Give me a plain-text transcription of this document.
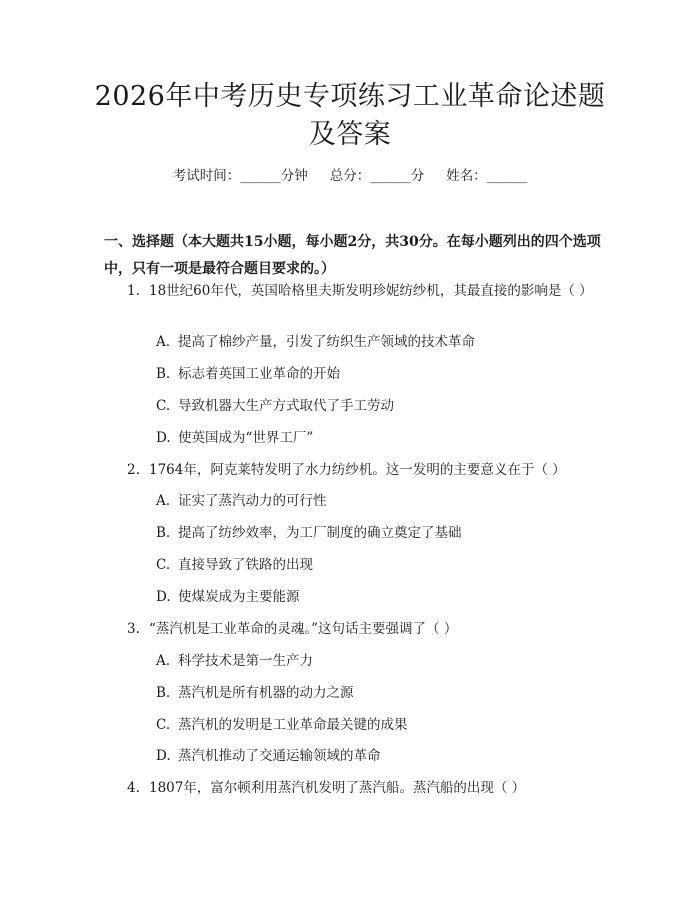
2026年中考历史专项练习工业革命论述题及答案
考试时间：______分钟 总分：______分 姓名：______

一、选择题（本大题共15小题，每小题2分，共30分。在每小题列出的四个选项中，只有一项是最符合题目要求的。）

1. 18世纪60年代，英国哈格里夫斯发明珍妮纺纱机，其最直接的影响是（ ）
A. 提高了棉纱产量，引发了纺织生产领域的技术革命
B. 标志着英国工业革命的开始
C. 导致机器大生产方式取代了手工劳动
D. 使英国成为“世界工厂”
2. 1764年，阿克莱特发明了水力纺纱机。这一发明的主要意义在于（ ）
A. 证实了蒸汽动力的可行性
B. 提高了纺纱效率，为工厂制度的确立奠定了基础
C. 直接导致了铁路的出现
D. 使煤炭成为主要能源
3. “蒸汽机是工业革命的灵魂。”这句话主要强调了（ ）
A. 科学技术是第一生产力
B. 蒸汽机是所有机器的动力之源
C. 蒸汽机的发明是工业革命最关键的成果
D. 蒸汽机推动了交通运输领域的革命
4. 1807年，富尔顿利用蒸汽机发明了蒸汽船。蒸汽船的出现（ ）
